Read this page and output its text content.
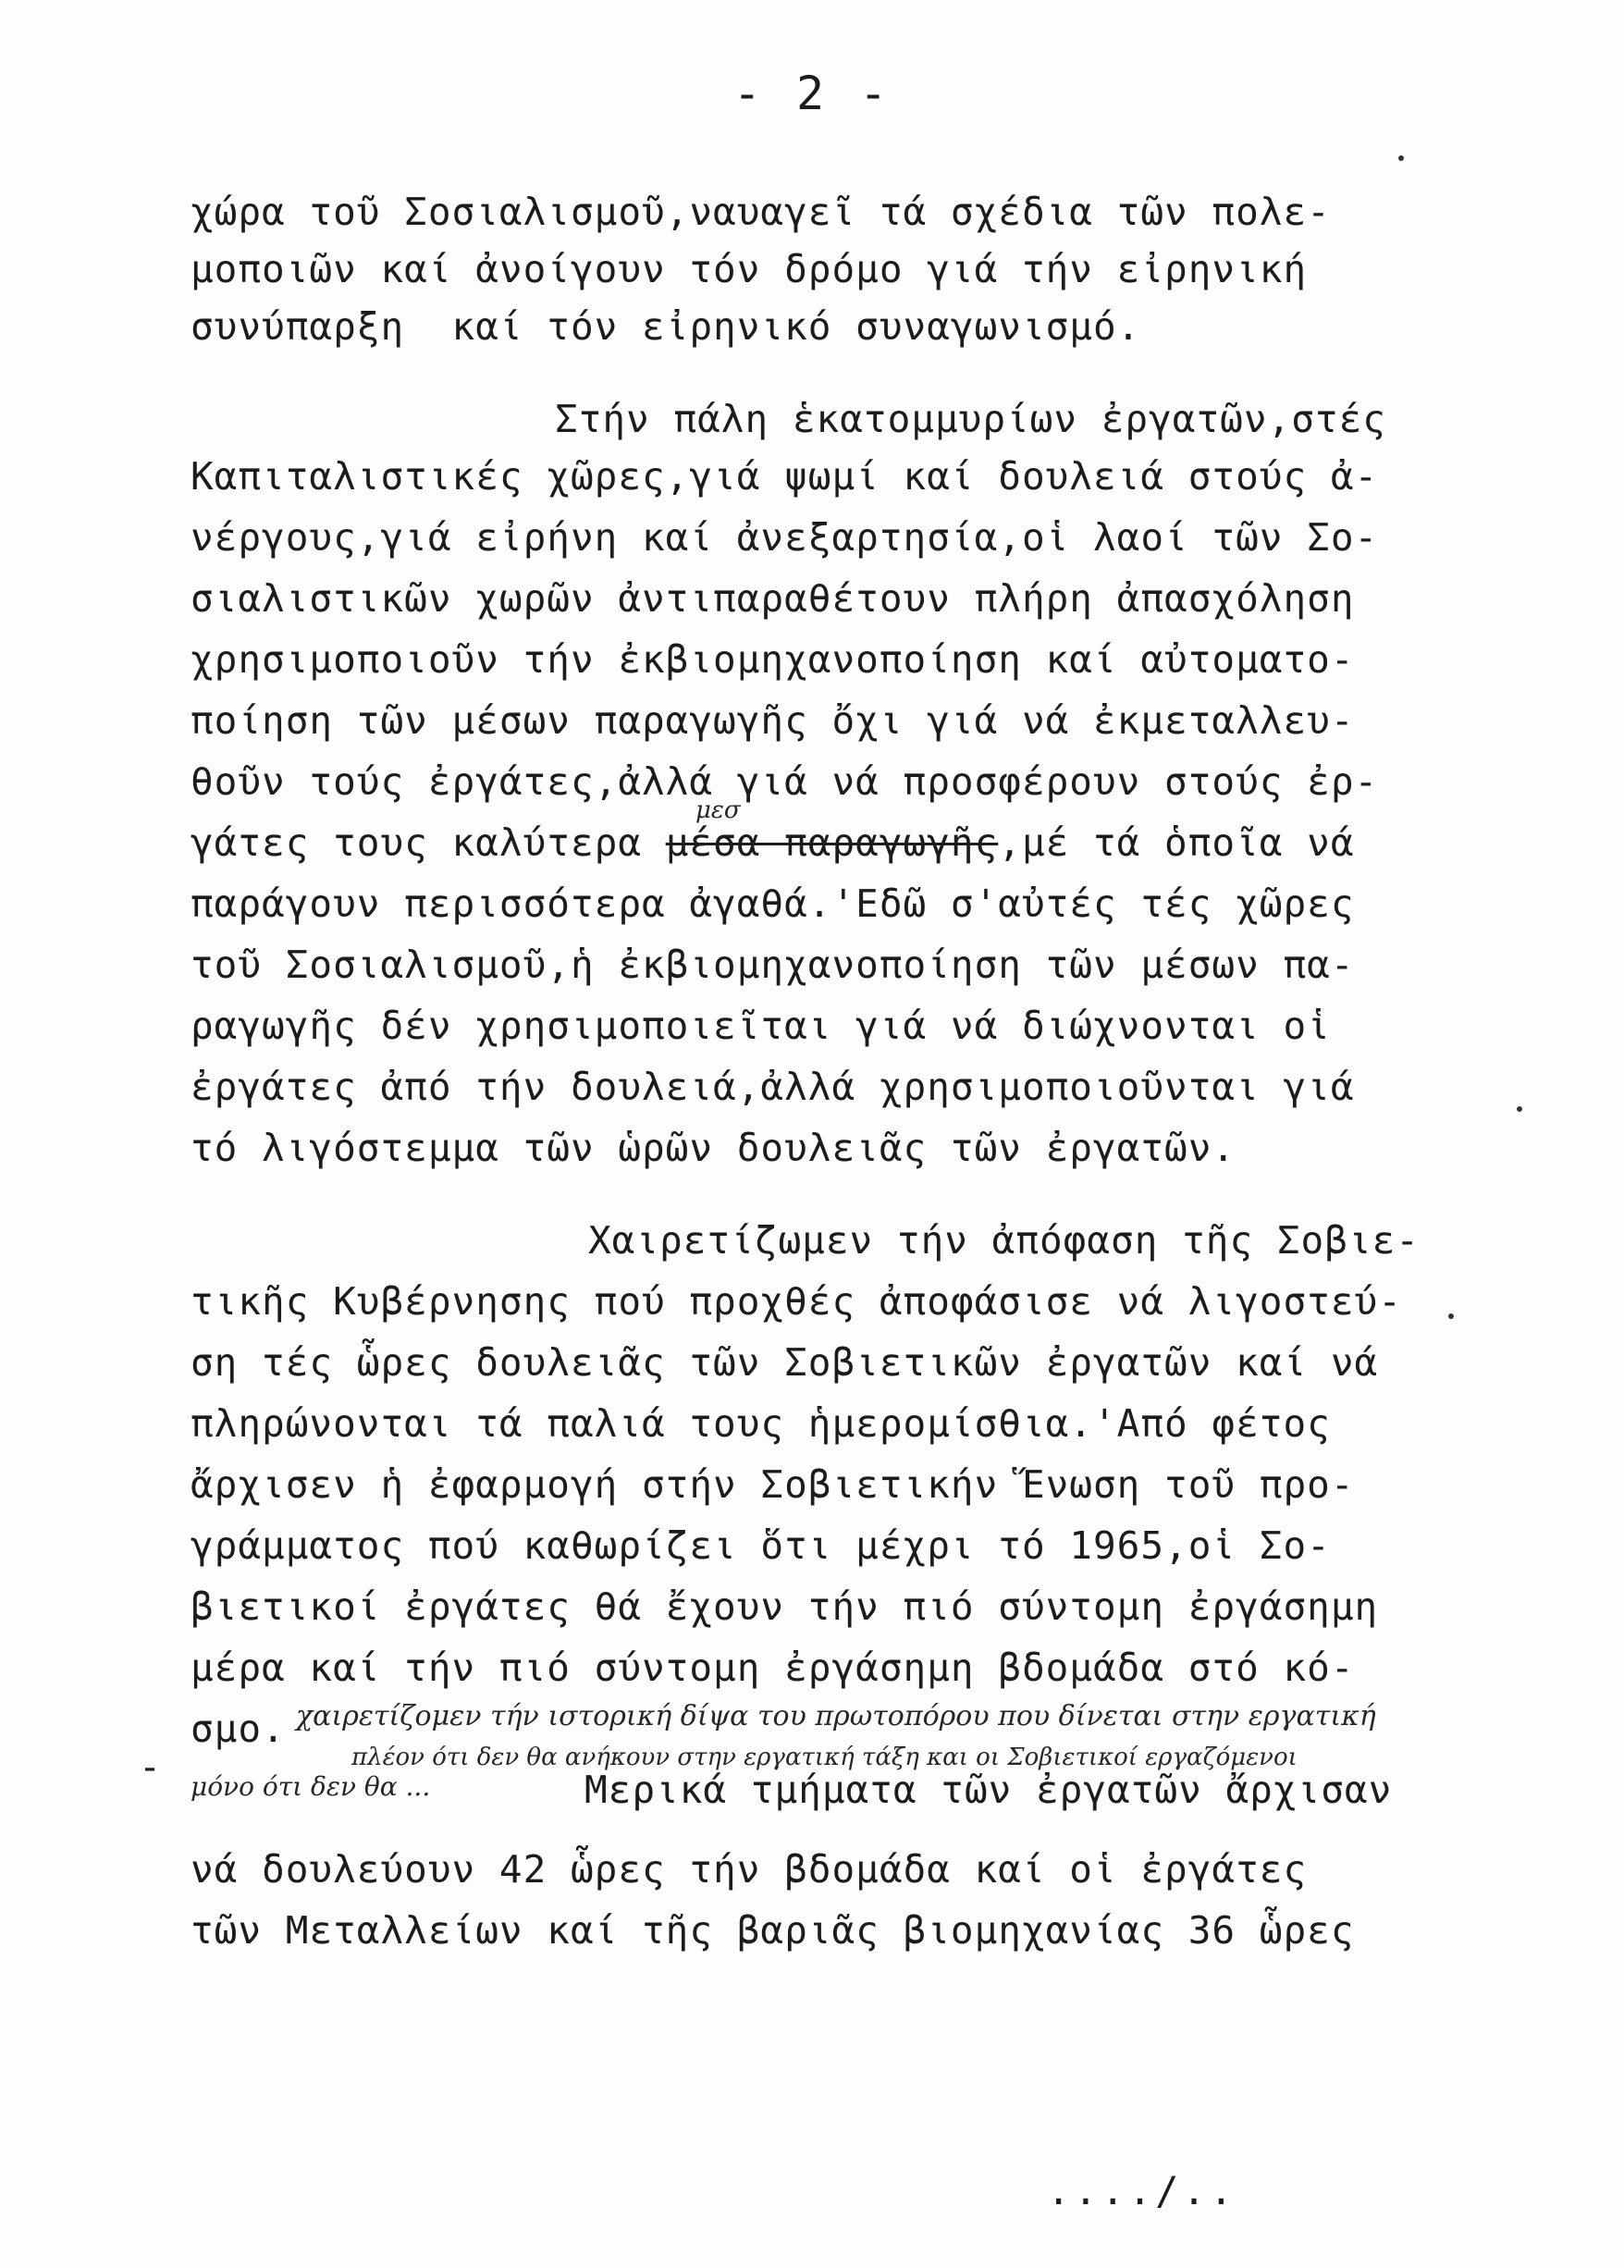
- 2 -
χώρα τοῦ Σοσιαλισμοῦ,ναυαγεῖ τά σχέδια τῶν πολε-
μοποιῶν καί ἀνοίγουν τόν δρόμο γιά τήν εἰρηνική
συνύπαρξη  καί τόν εἰρηνικό συναγωνισμό.
Στήν πάλη ἑκατομμυρίων ἐργατῶν,στές
Καπιταλιστικές χῶρες,γιά ψωμί καί δουλειά στούς ἀ-
νέργους,γιά εἰρήνη καί ἀνεξαρτησία,οἱ λαοί τῶν Σο-
σιαλιστικῶν χωρῶν ἀντιπαραθέτουν πλήρη ἀπασχόληση
χρησιμοποιοῦν τήν ἐκβιομηχανοποίηση καί αὐτοματο-
ποίηση τῶν μέσων παραγωγῆς ὄχι γιά νά ἐκμεταλλευ-
θοῦν τούς ἐργάτες,ἀλλά γιά νά προσφέρουν στούς ἐρ-
γάτες τους καλύτερα μέσα παραγωγῆς,μέ τά ὁποῖα νά
μεσ
παράγουν περισσότερα ἀγαθά.'Εδῶ σ'αὐτές τές χῶρες
τοῦ Σοσιαλισμοῦ,ἡ ἐκβιομηχανοποίηση τῶν μέσων πα-
ραγωγῆς δέν χρησιμοποιεῖται γιά νά διώχνονται οἱ
ἐργάτες ἀπό τήν δουλειά,ἀλλά χρησιμοποιοῦνται γιά
τό λιγόστεμμα τῶν ὡρῶν δουλειᾶς τῶν ἐργατῶν.
Χαιρετίζωμεν τήν ἀπόφαση τῆς Σοβιε-
τικῆς Κυβέρνησης πού προχθές ἀποφάσισε νά λιγοστεύ-
ση τές ὧρες δουλειᾶς τῶν Σοβιετικῶν ἐργατῶν καί νά
πληρώνονται τά παλιά τους ἡμερομίσθια.'Από φέτος
ἄρχισεν ἡ ἐφαρμογή στήν Σοβιετικήν Ἕνωση τοῦ προ-
γράμματος πού καθωρίζει ὅτι μέχρι τό 1965,οἱ Σο-
βιετικοί ἐργάτες θά ἔχουν τήν πιό σύντομη ἐργάσημη
-
μέρα καί τήν πιό σύντομη ἐργάσημη βδομάδα στό κό-
σμο. χαιρετίζομεν τήν ιστορική δίψα του πρωτοπόρου που δίνεται στην εργατική
πλέον ότι δεν θα ανήκουν στην εργατική τάξη και οι Σοβιετικοί εργαζόμενοι
μόνο ότι δεν θα ...	Μερικά τμήματα τῶν ἐργατῶν ἄρχισαν
νά δουλεύουν 42 ὧρες τήν βδομάδα καί οἱ ἐργάτες
τῶν Μεταλλείων καί τῆς βαριᾶς βιομηχανίας 36 ὧρες
..../..
